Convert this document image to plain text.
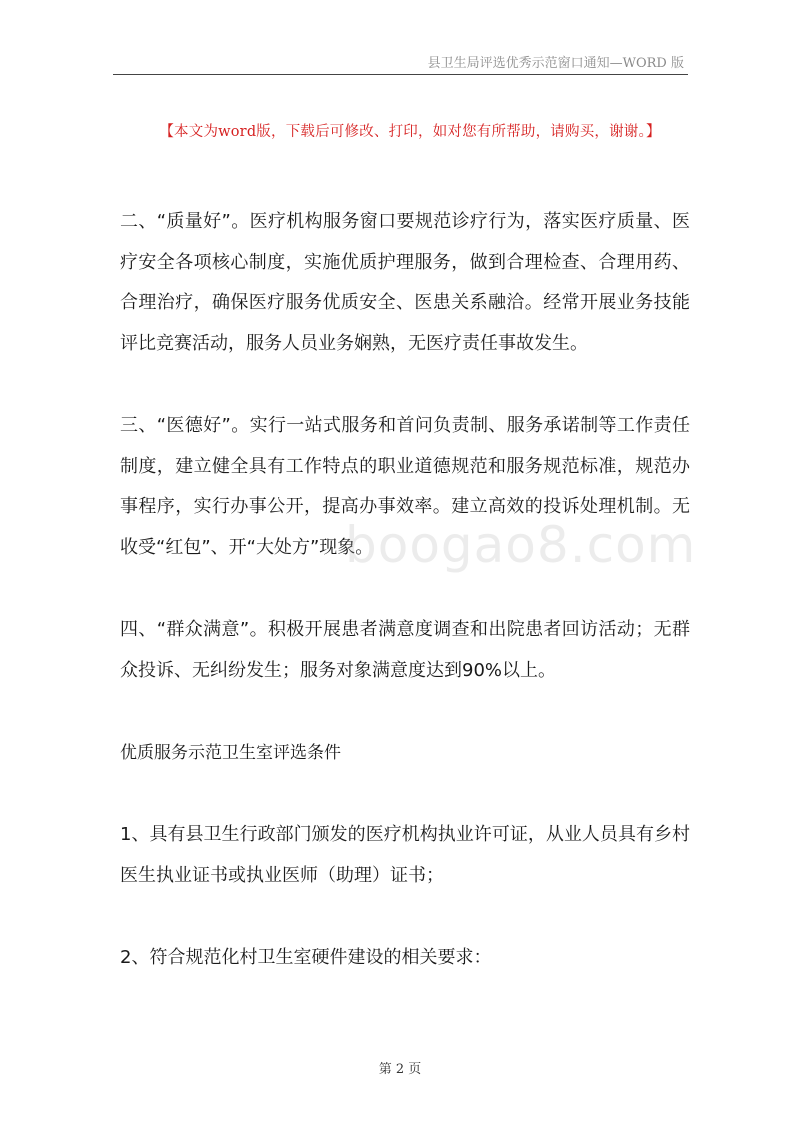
县卫生局评选优秀示范窗口通知—WORD 版
【本文为word版，下载后可修改、打印，如对您有所帮助，请购买，谢谢。】

二、“质量好”。医疗机构服务窗口要规范诊疗行为，落实医疗质量、医疗安全各项核心制度，实施优质护理服务，做到合理检查、合理用药、合理治疗，确保医疗服务优质安全、医患关系融洽。经常开展业务技能评比竞赛活动，服务人员业务娴熟，无医疗责任事故发生。

三、“医德好”。实行一站式服务和首问负责制、服务承诺制等工作责任制度，建立健全具有工作特点的职业道德规范和服务规范标准，规范办事程序，实行办事公开，提高办事效率。建立高效的投诉处理机制。无收受“红包”、开“大处方”现象。

四、“群众满意”。积极开展患者满意度调查和出院患者回访活动；无群众投诉、无纠纷发生；服务对象满意度达到90%以上。

优质服务示范卫生室评选条件

1、具有县卫生行政部门颁发的医疗机构执业许可证，从业人员具有乡村医生执业证书或执业医师（助理）证书；

2、符合规范化村卫生室硬件建设的相关要求：

boogao8.com
第 2 页
